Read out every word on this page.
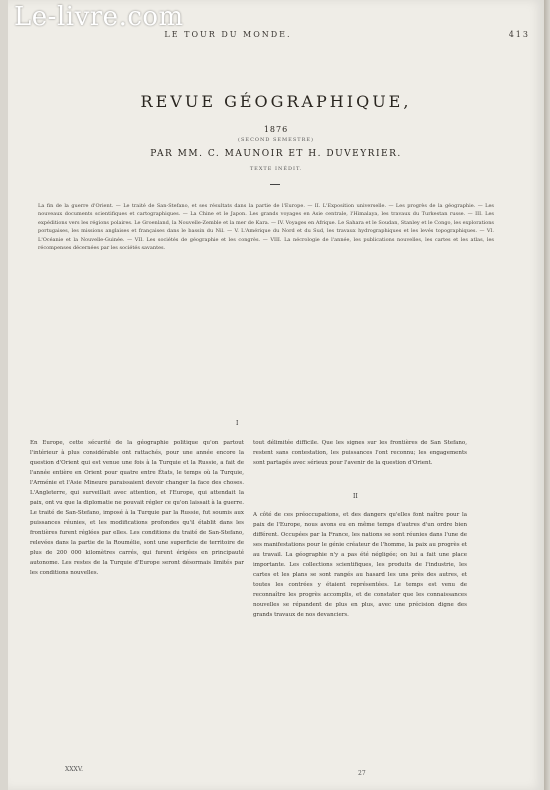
Le-livre.com
LE TOUR DU MONDE.	413
REVUE GÉOGRAPHIQUE,
1876
(SECOND SEMESTRE)
PAR MM. C. MAUNOIR ET H. DUVEYRIER.
TEXTE INÉDIT.
La fin de la guerre d'Orient. — Le traité de San-Stefano, et ses résultats dans la partie de l'Europe. — II. L'Exposition universelle. — Les progrès de la géographie. — Les nouveaux documents scientifiques et cartographiques. — La Chine et le Japon. Les grands voyages en Asie centrale, l'Himalaya, les travaux du Turkestan russe. — III. Les expéditions vers les régions polaires. Le Groenland, la Nouvelle-Zemble et la mer de Kara. — IV. Voyages en Afrique. Le Sahara et le Soudan, Stanley et le Congo, les explorations portugaises, les missions anglaises et françaises dans le bassin du Nil. — V. L'Amérique du Nord et du Sud, les travaux hydrographiques et les levés topographiques. — VI. L'Océanie et la Nouvelle-Guinée. — VII. Les sociétés de géographie et les congrès. — VIII. La nécrologie de l'année, les publications nouvelles, les cartes et les atlas, les récompenses décernées par les sociétés savantes.
I
En Europe, cette sécurité de la géographie politique qu'on partout l'intérieur à plus considérable ont rattachés, pour une année encore la question d'Orient qui est venue une fois à la Turquie et la Russie, a fait de l'année entière en Orient pour quatre entre États, le temps où la Turquie, l'Arménie et l'Asie Mineure paraissaient devoir changer la face des choses. L'Angleterre, qui surveillait avec attention, et l'Europe, qui attendait la paix, ont vu que la diplomatie ne pouvait régler ce qu'on laissait à la guerre. Le traité de San-Stefano, imposé à la Turquie par la Russie, fut soumis aux puissances réunies, et les modifications profondes qu'il établit dans les frontières furent réglées par elles. Les conditions du traité de San-Stefano, relevées dans la partie de la Roumélie, sont une superficie de territoire de plus de 200 000 kilomètres carrés, qui furent érigées en principauté autonome. Les restes de la Turquie d'Europe seront désormais limités par les conditions nouvelles.
tout délimitée difficile. Que les signes sur les frontières de San Stefano, restent sans contestation, les puissances l'ont reconnu; les engagements sont partagés avec sérieux pour l'avenir de la question d'Orient.
II
A côté de ces préoccupations, et des dangers qu'elles font naître pour la paix de l'Europe, nous avons eu en même temps d'autres d'un ordre bien différent. Occupées par la France, les nations se sont réunies dans l'une de ses manifestations pour le génie créateur de l'homme, la paix au progrès et au travail. La géographie n'y a pas été négligée; on lui a fait une place importante. Les collections scientifiques, les produits de l'industrie, les cartes et les plans se sont rangés au hasard les uns près des autres, et toutes les contrées y étaient représentées. Le temps est venu de reconnaître les progrès accomplis, et de constater que les connaissances nouvelles se répandent de plus en plus, avec une précision digne des grands travaux de nos devanciers.
XXXV.
27
